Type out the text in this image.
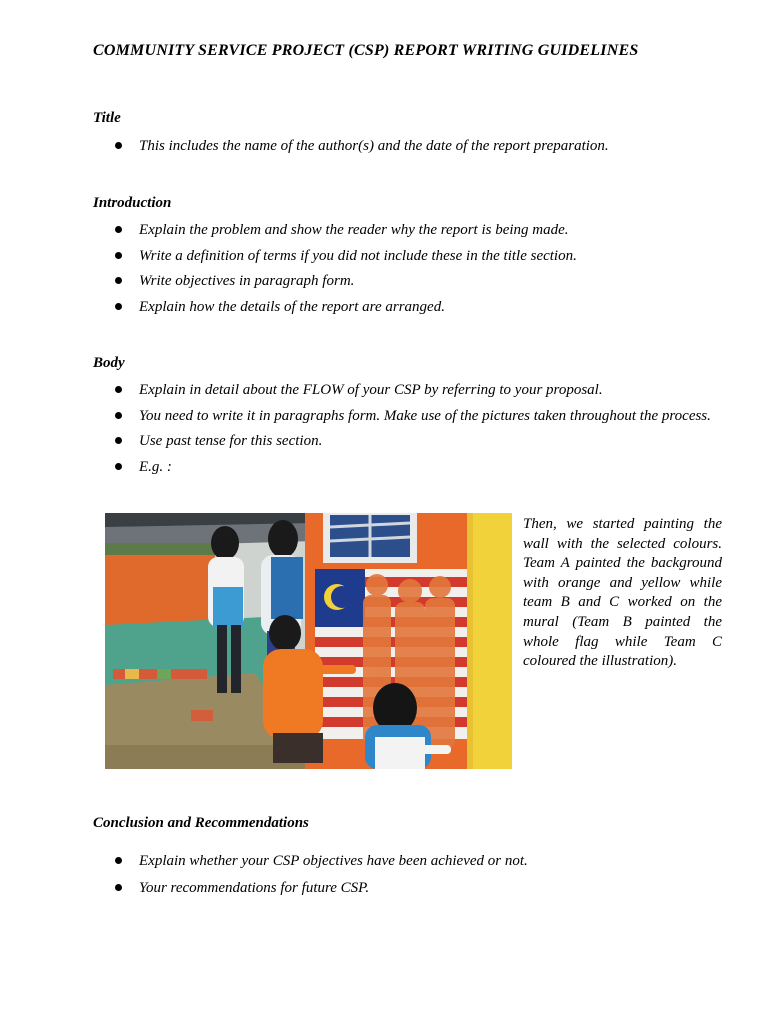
COMMUNITY SERVICE PROJECT (CSP) REPORT WRITING GUIDELINES
Title
This includes the name of the author(s) and the date of the report preparation.
Introduction
Explain the problem and show the reader why the report is being made.
Write a definition of terms if you did not include these in the title section.
Write objectives in paragraph form.
Explain how the details of the report are arranged.
Body
Explain in detail about the FLOW of your CSP by referring to your proposal.
You need to write it in paragraphs form. Make use of the pictures taken throughout the process.
Use past tense for this section.
E.g. :

Then, we started painting the wall with the selected colours. Team A painted the background with orange and yellow while team B and C worked on the mural (Team B painted the whole flag while Team C coloured the illustration).

Conclusion and Recommendations
Explain whether your CSP objectives have been achieved or not.
Your recommendations for future CSP.
